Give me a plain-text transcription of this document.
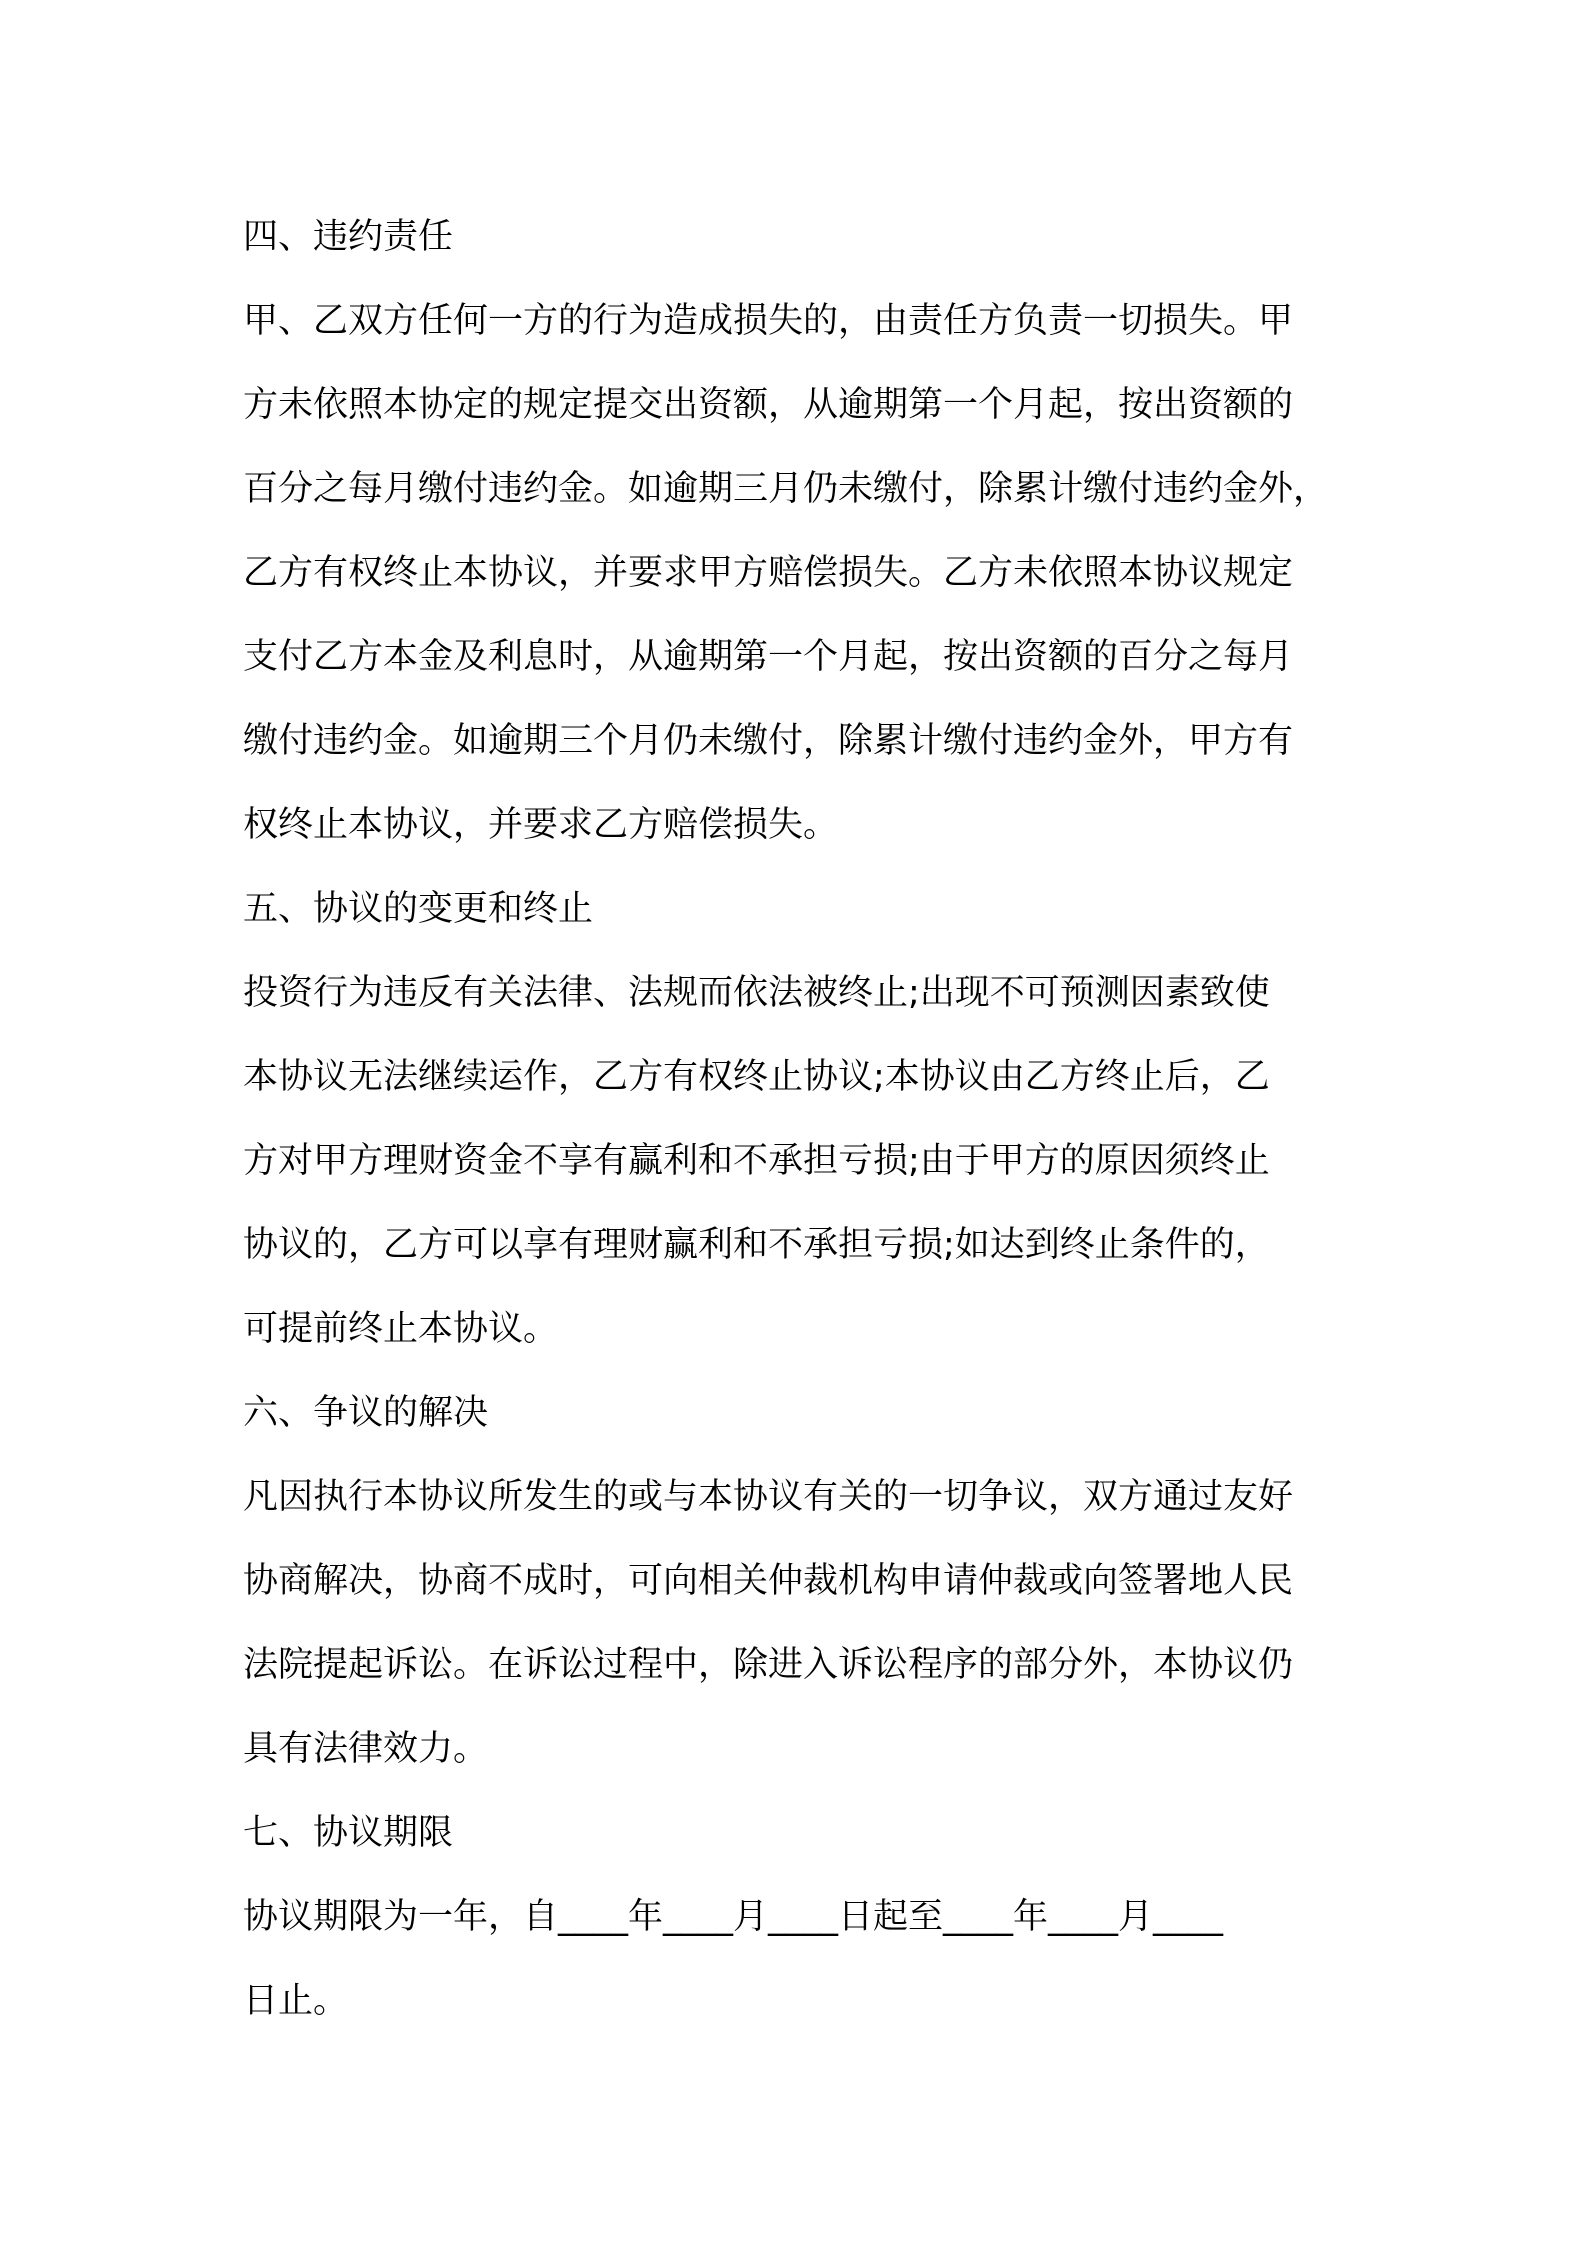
四、违约责任

甲、乙双方任何一方的行为造成损失的，由责任方负责一切损失。甲

方未依照本协定的规定提交出资额，从逾期第一个月起，按出资额的

百分之每月缴付违约金。如逾期三月仍未缴付，除累计缴付违约金外，

乙方有权终止本协议，并要求甲方赔偿损失。乙方未依照本协议规定

支付乙方本金及利息时，从逾期第一个月起，按出资额的百分之每月

缴付违约金。如逾期三个月仍未缴付，除累计缴付违约金外，甲方有

权终止本协议，并要求乙方赔偿损失。

五、协议的变更和终止

投资行为违反有关法律、法规而依法被终止;出现不可预测因素致使

本协议无法继续运作，乙方有权终止协议;本协议由乙方终止后，乙

方对甲方理财资金不享有赢利和不承担亏损;由于甲方的原因须终止

协议的，乙方可以享有理财赢利和不承担亏损;如达到终止条件的，

可提前终止本协议。

六、争议的解决

凡因执行本协议所发生的或与本协议有关的一切争议，双方通过友好

协商解决，协商不成时，可向相关仲裁机构申请仲裁或向签署地人民

法院提起诉讼。在诉讼过程中，除进入诉讼程序的部分外，本协议仍

具有法律效力。

七、协议期限

协议期限为一年，自____年____月____日起至____年____月____

日止。
